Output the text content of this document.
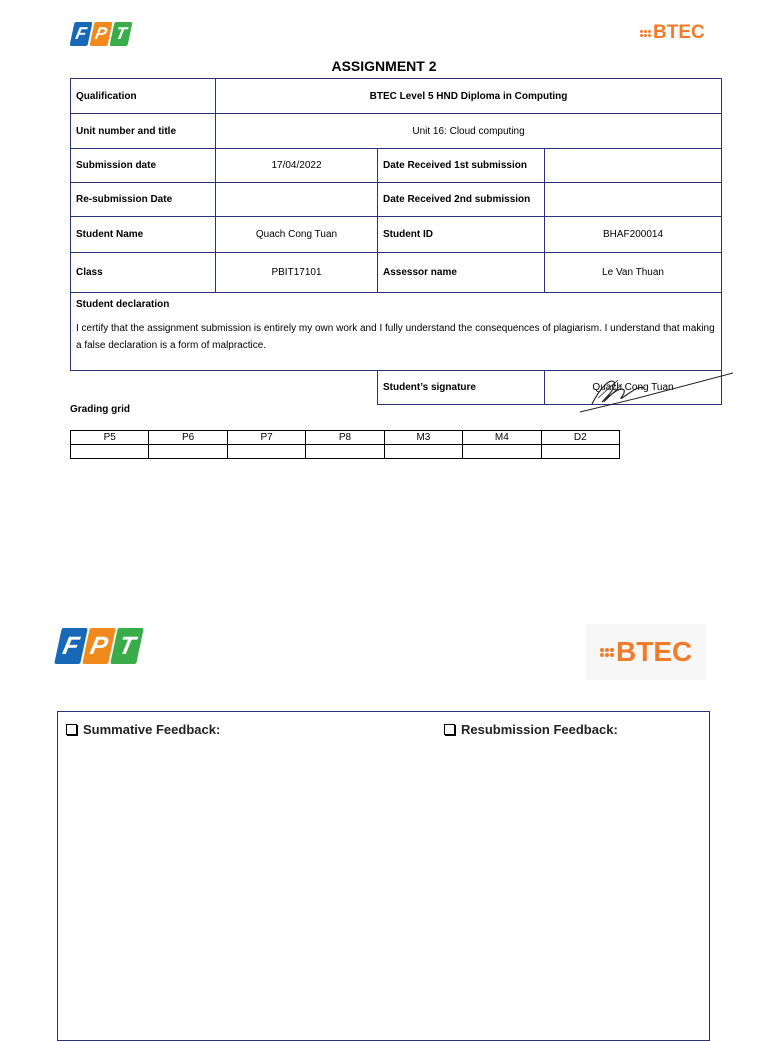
F P T	BTEC
ASSIGNMENT 2
Qualification	BTEC Level 5 HND Diploma in Computing		
Unit number and title	Unit 16: Cloud computing		
Submission date	17/04/2022	Date Received 1st submission	
Re-submission Date		Date Received 2nd submission	
Student Name	Quach Cong Tuan	Student ID	BHAF200014
Class	PBIT17101	Assessor name	Le Van Thuan

Student declaration
I certify that the assignment submission is entirely my own work and I fully understand the consequences of plagiarism. I understand that making a false declaration is a form of malpractice.			

		Student’s signature	Quach Cong Tuan
Grading grid
P5	P6	P7	P8	M3	M4	D2

F P T	BTEC
Summative Feedback:	Resubmission Feedback:
